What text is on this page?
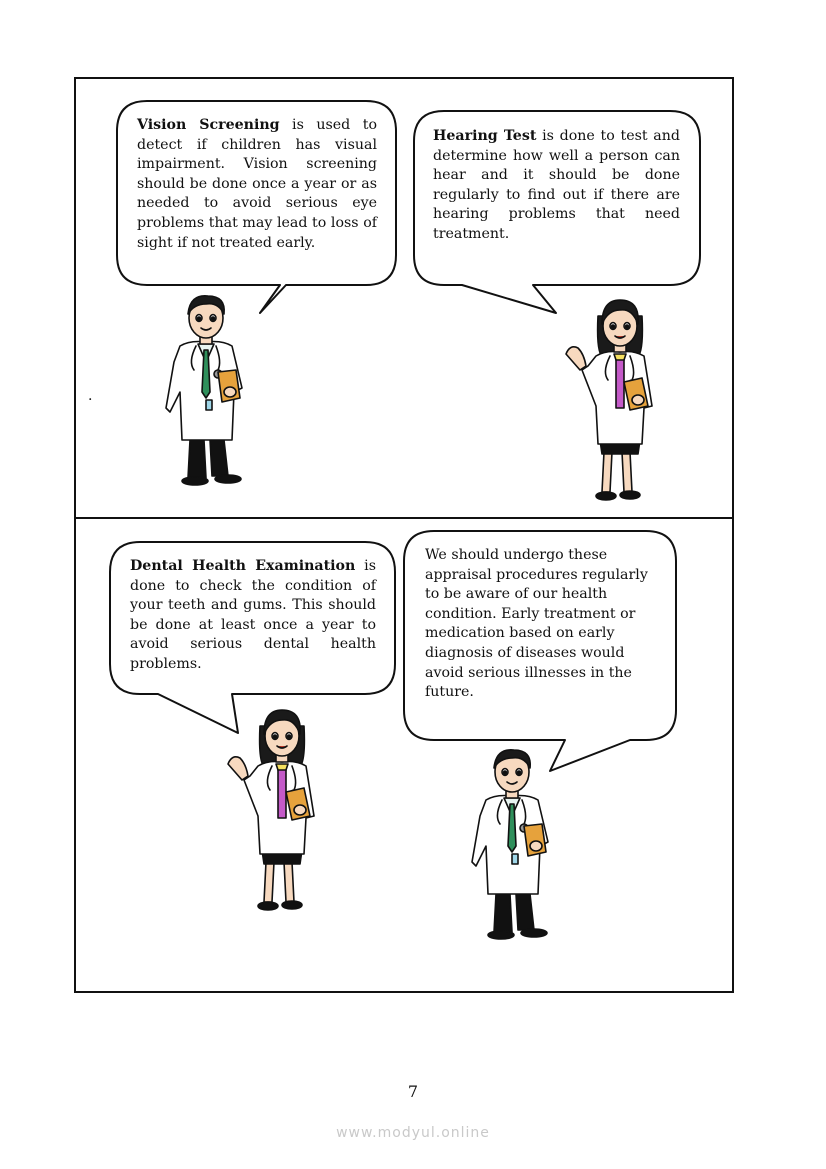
Vision Screening is used to detect if children has visual impairment. Vision screening should be done once a year or as needed to avoid serious eye problems that may lead to loss of sight if not treated early.

Hearing Test is done to test and determine how well a person can hear and it should be done regularly to find out if there are hearing problems that need treatment.

Dental Health Examination is done to check the condition of your teeth and gums. This should be done at least once a year to avoid serious dental health problems.

We should undergo these appraisal procedures regularly to be aware of our health condition. Early treatment or medication based on early diagnosis of diseases would avoid serious illnesses in the future.

.
7
www.modyul.online
